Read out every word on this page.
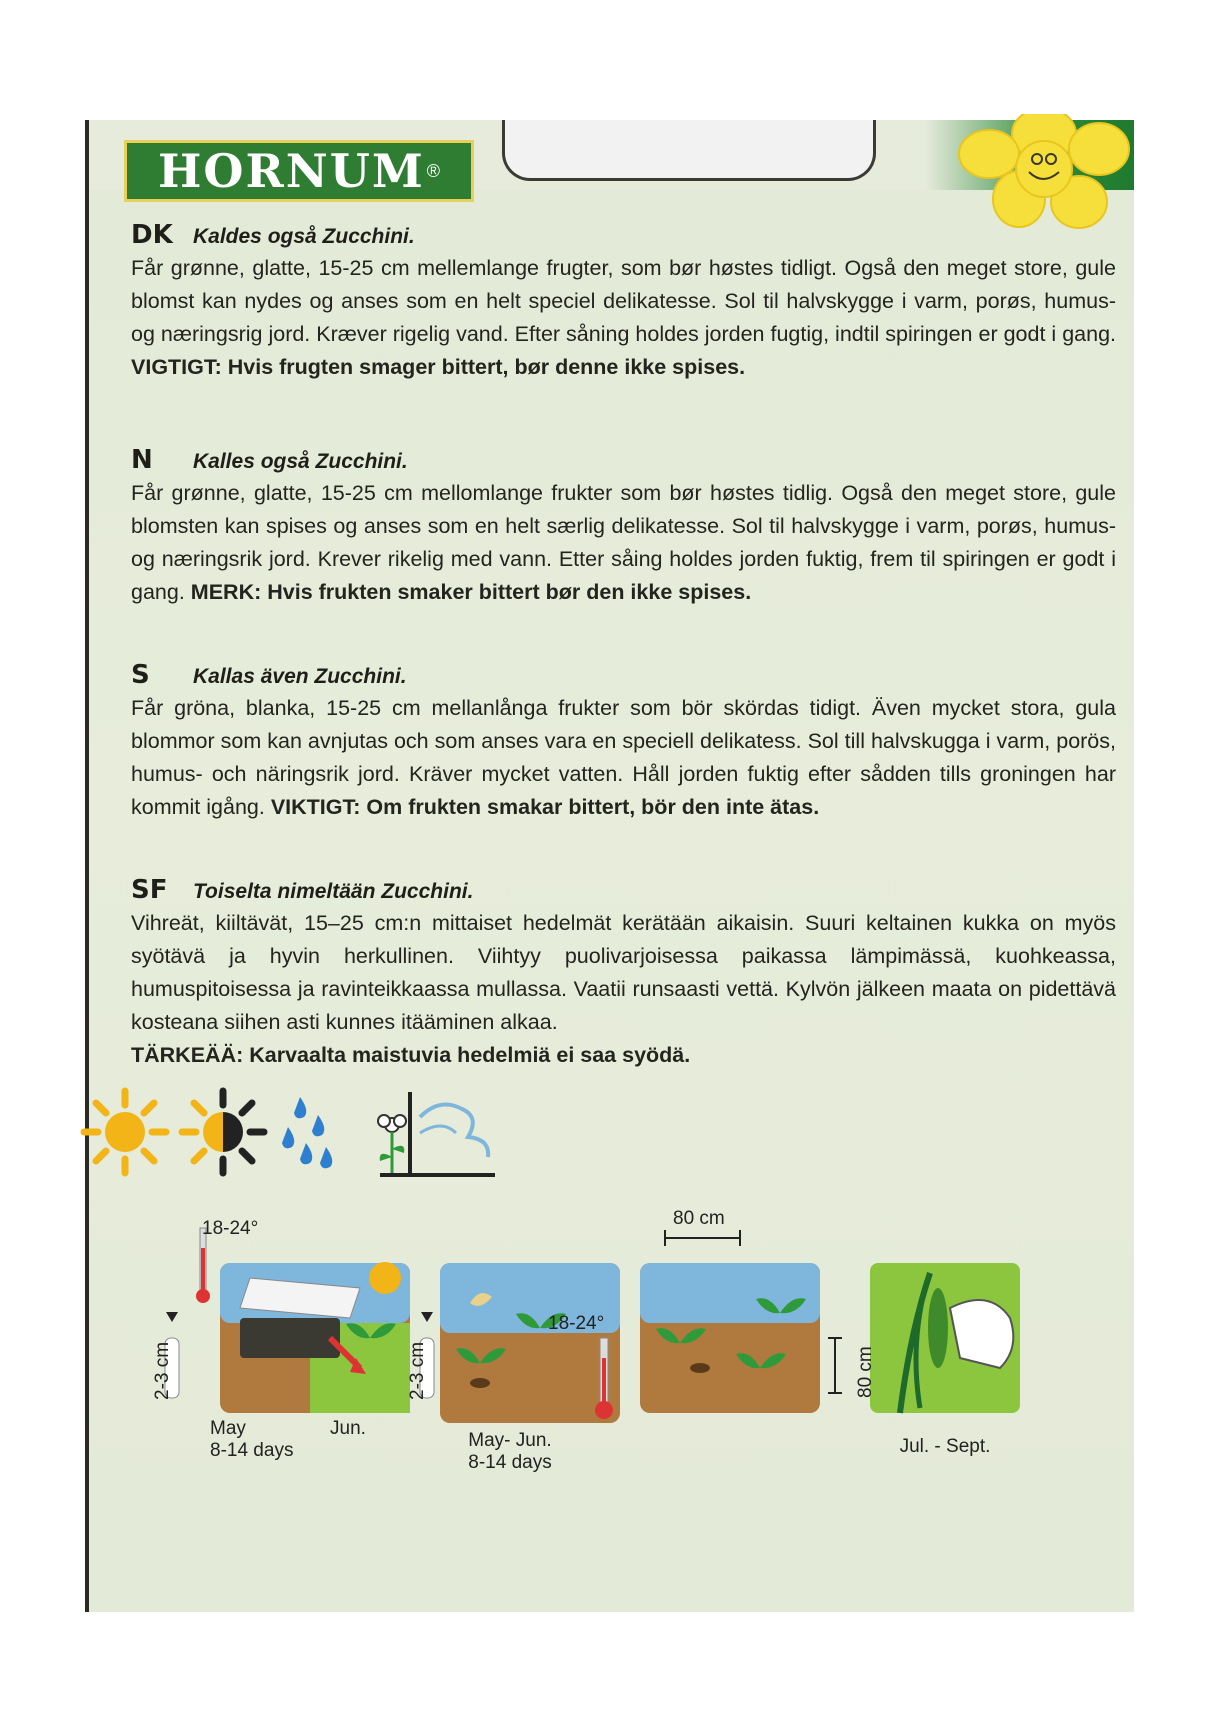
HORNUM ®
DK Kaldes også Zucchini.
Får grønne, glatte, 15-25 cm mellemlange frugter, som bør høstes tidligt. Også den meget store, gule blomst kan nydes og anses som en helt speciel delikatesse. Sol til halvskygge i varm, porøs, humus- og næringsrig jord. Kræver rigelig vand. Efter såning holdes jorden fugtig, indtil spiringen er godt i gang. VIGTIGT: Hvis frugten smager bittert, bør denne ikke spises.
N	Kalles også Zucchini.
Får grønne, glatte, 15-25 cm mellomlange frukter som bør høstes tidlig. Også den meget store, gule blomsten kan spises og anses som en helt særlig delikatesse. Sol til halvskygge i varm, porøs, humus- og næringsrik jord. Krever rikelig med vann. Etter såing holdes jorden fuktig, frem til spiringen er godt i gang. MERK: Hvis frukten smaker bittert bør den ikke spises.
S	Kallas även Zucchini.
Får gröna, blanka, 15-25 cm mellanlånga frukter som bör skördas tidigt. Även mycket stora, gula blommor som kan avnjutas och som anses vara en speciell delikatess. Sol till halvskugga i varm, porös, humus- och näringsrik jord. Kräver mycket vatten. Håll jorden fuktig efter sådden tills groningen har kommit igång. VIKTIGT: Om frukten smakar bittert, bör den inte ätas.
SF	Toiselta nimeltään Zucchini.
Vihreät, kiiltävät, 15–25 cm:n mittaiset hedelmät kerätään aikaisin. Suuri keltainen kukka on myös syötävä ja hyvin herkullinen. Viihtyy puolivarjoisessa paikassa lämpimässä, kuohkeassa, humuspitoisessa ja ravinteikkaassa mullassa. Vaatii runsaasti vettä. Kylvön jälkeen maata on pidettävä kosteana siihen asti kunnes itääminen alkaa.
TÄRKEÄÄ: Karvaalta maistuvia hedelmiä ei saa syödä.
18-24°
2-3 cm
May
8-14 days
Jun.
18-24°
2-3 cm
May- Jun.
8-14 days
80 cm
80 cm
Jul. - Sept.
